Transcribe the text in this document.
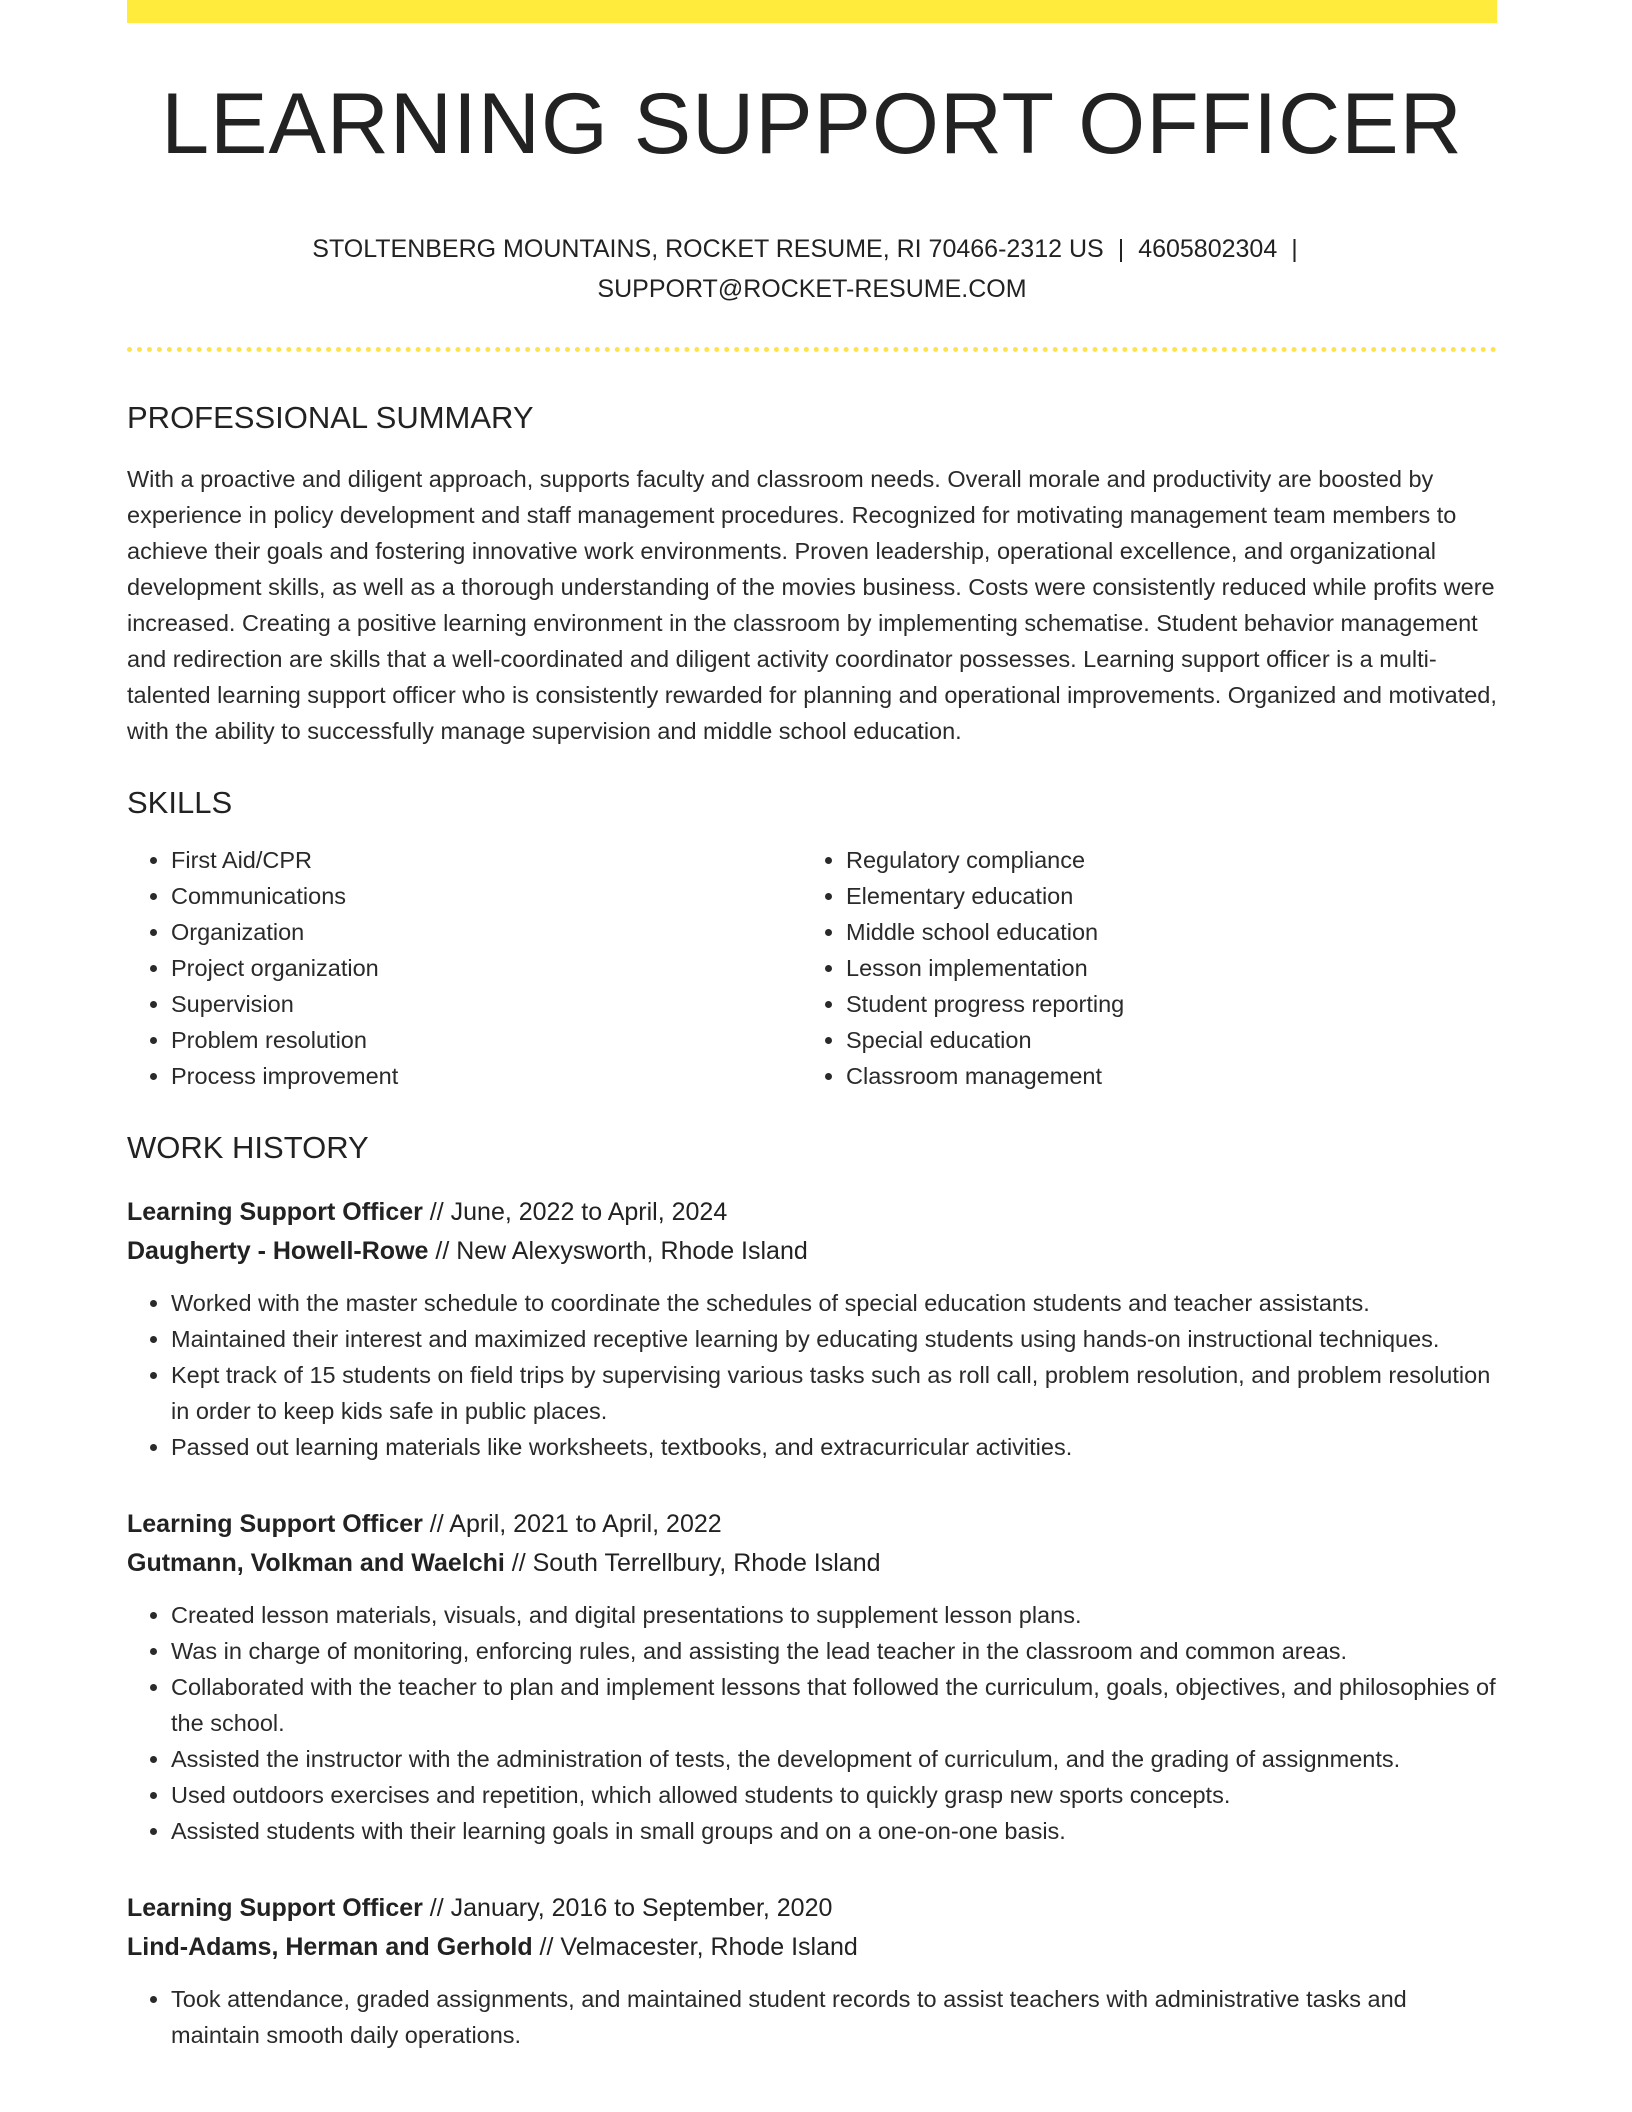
LEARNING SUPPORT OFFICER
STOLTENBERG MOUNTAINS, ROCKET RESUME, RI 70466-2312 US | 4605802304 |
SUPPORT@ROCKET-RESUME.COM
PROFESSIONAL SUMMARY

With a proactive and diligent approach, supports faculty and classroom needs. Overall morale and productivity are boosted by experience in policy development and staff management procedures. Recognized for motivating management team members to achieve their goals and fostering innovative work environments. Proven leadership, operational excellence, and organizational development skills, as well as a thorough understanding of the movies business. Costs were consistently reduced while profits were increased. Creating a positive learning environment in the classroom by implementing schematise. Student behavior management and redirection are skills that a well-coordinated and diligent activity coordinator possesses. Learning support officer is a multi-talented learning support officer who is consistently rewarded for planning and operational improvements. Organized and motivated, with the ability to successfully manage supervision and middle school education.

SKILLS
• First Aid/CPR
• Communications
• Organization
• Project organization
• Supervision
• Problem resolution
• Process improvement
• Regulatory compliance
• Elementary education
• Middle school education
• Lesson implementation
• Student progress reporting
• Special education
• Classroom management
WORK HISTORY
Learning Support Officer // June, 2022 to April, 2024
Daugherty - Howell-Rowe // New Alexysworth, Rhode Island
• Worked with the master schedule to coordinate the schedules of special education students and teacher assistants.
• Maintained their interest and maximized receptive learning by educating students using hands-on instructional techniques.
• Kept track of 15 students on field trips by supervising various tasks such as roll call, problem resolution, and problem resolution in order to keep kids safe in public places.
• Passed out learning materials like worksheets, textbooks, and extracurricular activities.
Learning Support Officer // April, 2021 to April, 2022
Gutmann, Volkman and Waelchi // South Terrellbury, Rhode Island
• Created lesson materials, visuals, and digital presentations to supplement lesson plans.
• Was in charge of monitoring, enforcing rules, and assisting the lead teacher in the classroom and common areas.
• Collaborated with the teacher to plan and implement lessons that followed the curriculum, goals, objectives, and philosophies of the school.
• Assisted the instructor with the administration of tests, the development of curriculum, and the grading of assignments.
• Used outdoors exercises and repetition, which allowed students to quickly grasp new sports concepts.
• Assisted students with their learning goals in small groups and on a one-on-one basis.
Learning Support Officer // January, 2016 to September, 2020
Lind-Adams, Herman and Gerhold // Velmacester, Rhode Island
• Took attendance, graded assignments, and maintained student records to assist teachers with administrative tasks and maintain smooth daily operations.
